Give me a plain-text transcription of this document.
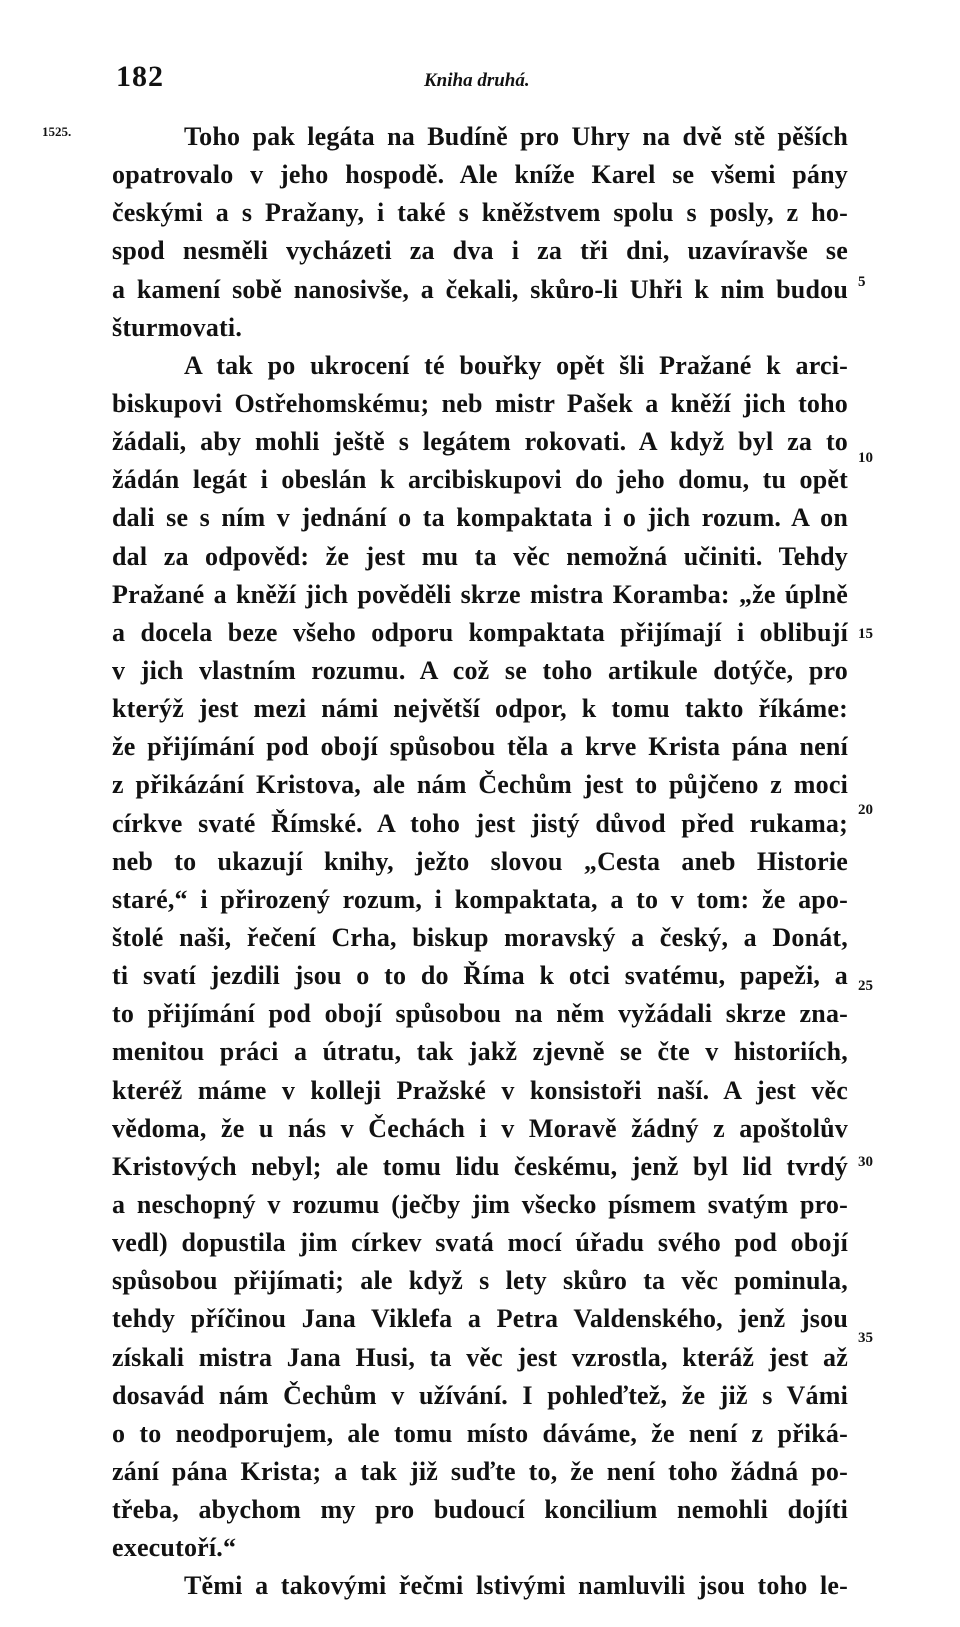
182	Kniha druhá.
1525.	Toho pak legáta na Budíně pro Uhry na dvě stě pěších
opatrovalo v jeho hospodě. Ale kníže Karel se všemi pány
českými a s Pražany, i také s kněžstvem spolu s posly, z ho-
spod nesměli vycházeti za dva i za tři dni, uzavíravše se
a kamení sobě nanosivše, a čekali, skůro-li Uhři k nim budou
šturmovati.
A tak po ukrocení té bouřky opět šli Pražané k arci-
biskupovi Ostřehomskému; neb mistr Pašek a kněží jich toho
žádali, aby mohli ještě s legátem rokovati. A když byl za to
žádán legát i obeslán k arcibiskupovi do jeho domu, tu opět
dali se s ním v jednání o ta kompaktata i o jich rozum. A on
dal za odpověd: že jest mu ta věc nemožná učiniti. Tehdy
Pražané a kněží jich pověděli skrze mistra Koramba: „že úplně
a docela beze všeho odporu kompaktata přijímají i oblibují
v jich vlastním rozumu. A což se toho artikule dotýče, pro
kterýž jest mezi námi největší odpor, k tomu takto říkáme:
že přijímání pod obojí spůsobou těla a krve Krista pána není
z přikázání Kristova, ale nám Čechům jest to půjčeno z moci
církve svaté Římské. A toho jest jistý důvod před rukama;
neb to ukazují knihy, ježto slovou „Cesta aneb Historie
staré,“ i přirozený rozum, i kompaktata, a to v tom: že apo-
štolé naši, řečení Crha, biskup moravský a český, a Donát,
ti svatí jezdili jsou o to do Říma k otci svatému, papeži, a
to přijímání pod obojí spůsobou na něm vyžádali skrze zna-
menitou práci a útratu, tak jakž zjevně se čte v historiích,
kteréž máme v kolleji Pražské v konsistoři naší. A jest věc
vědoma, že u nás v Čechách i v Moravě žádný z apoštolův
Kristových nebyl; ale tomu lidu českému, jenž byl lid tvrdý
a neschopný v rozumu (ječby jim všecko písmem svatým pro-
vedl) dopustila jim církev svatá mocí úřadu svého pod obojí
spůsobou přijímati; ale když s lety skůro ta věc pominula,
tehdy příčinou Jana Viklefa a Petra Valdenského, jenž jsou
získali mistra Jana Husi, ta věc jest vzrostla, kteráž jest až
dosavád nám Čechům v užívání. I pohleďtež, že již s Vámi
o to neodporujem, ale tomu místo dáváme, že není z přiká-
zání pána Krista; a tak již suďte to, že není toho žádná po-
třeba, abychom my pro budoucí koncilium nemohli dojíti
executoří.“
Těmi a takovými řečmi lstivými namluvili jsou toho le-
5
10
15
20
25
30
35
